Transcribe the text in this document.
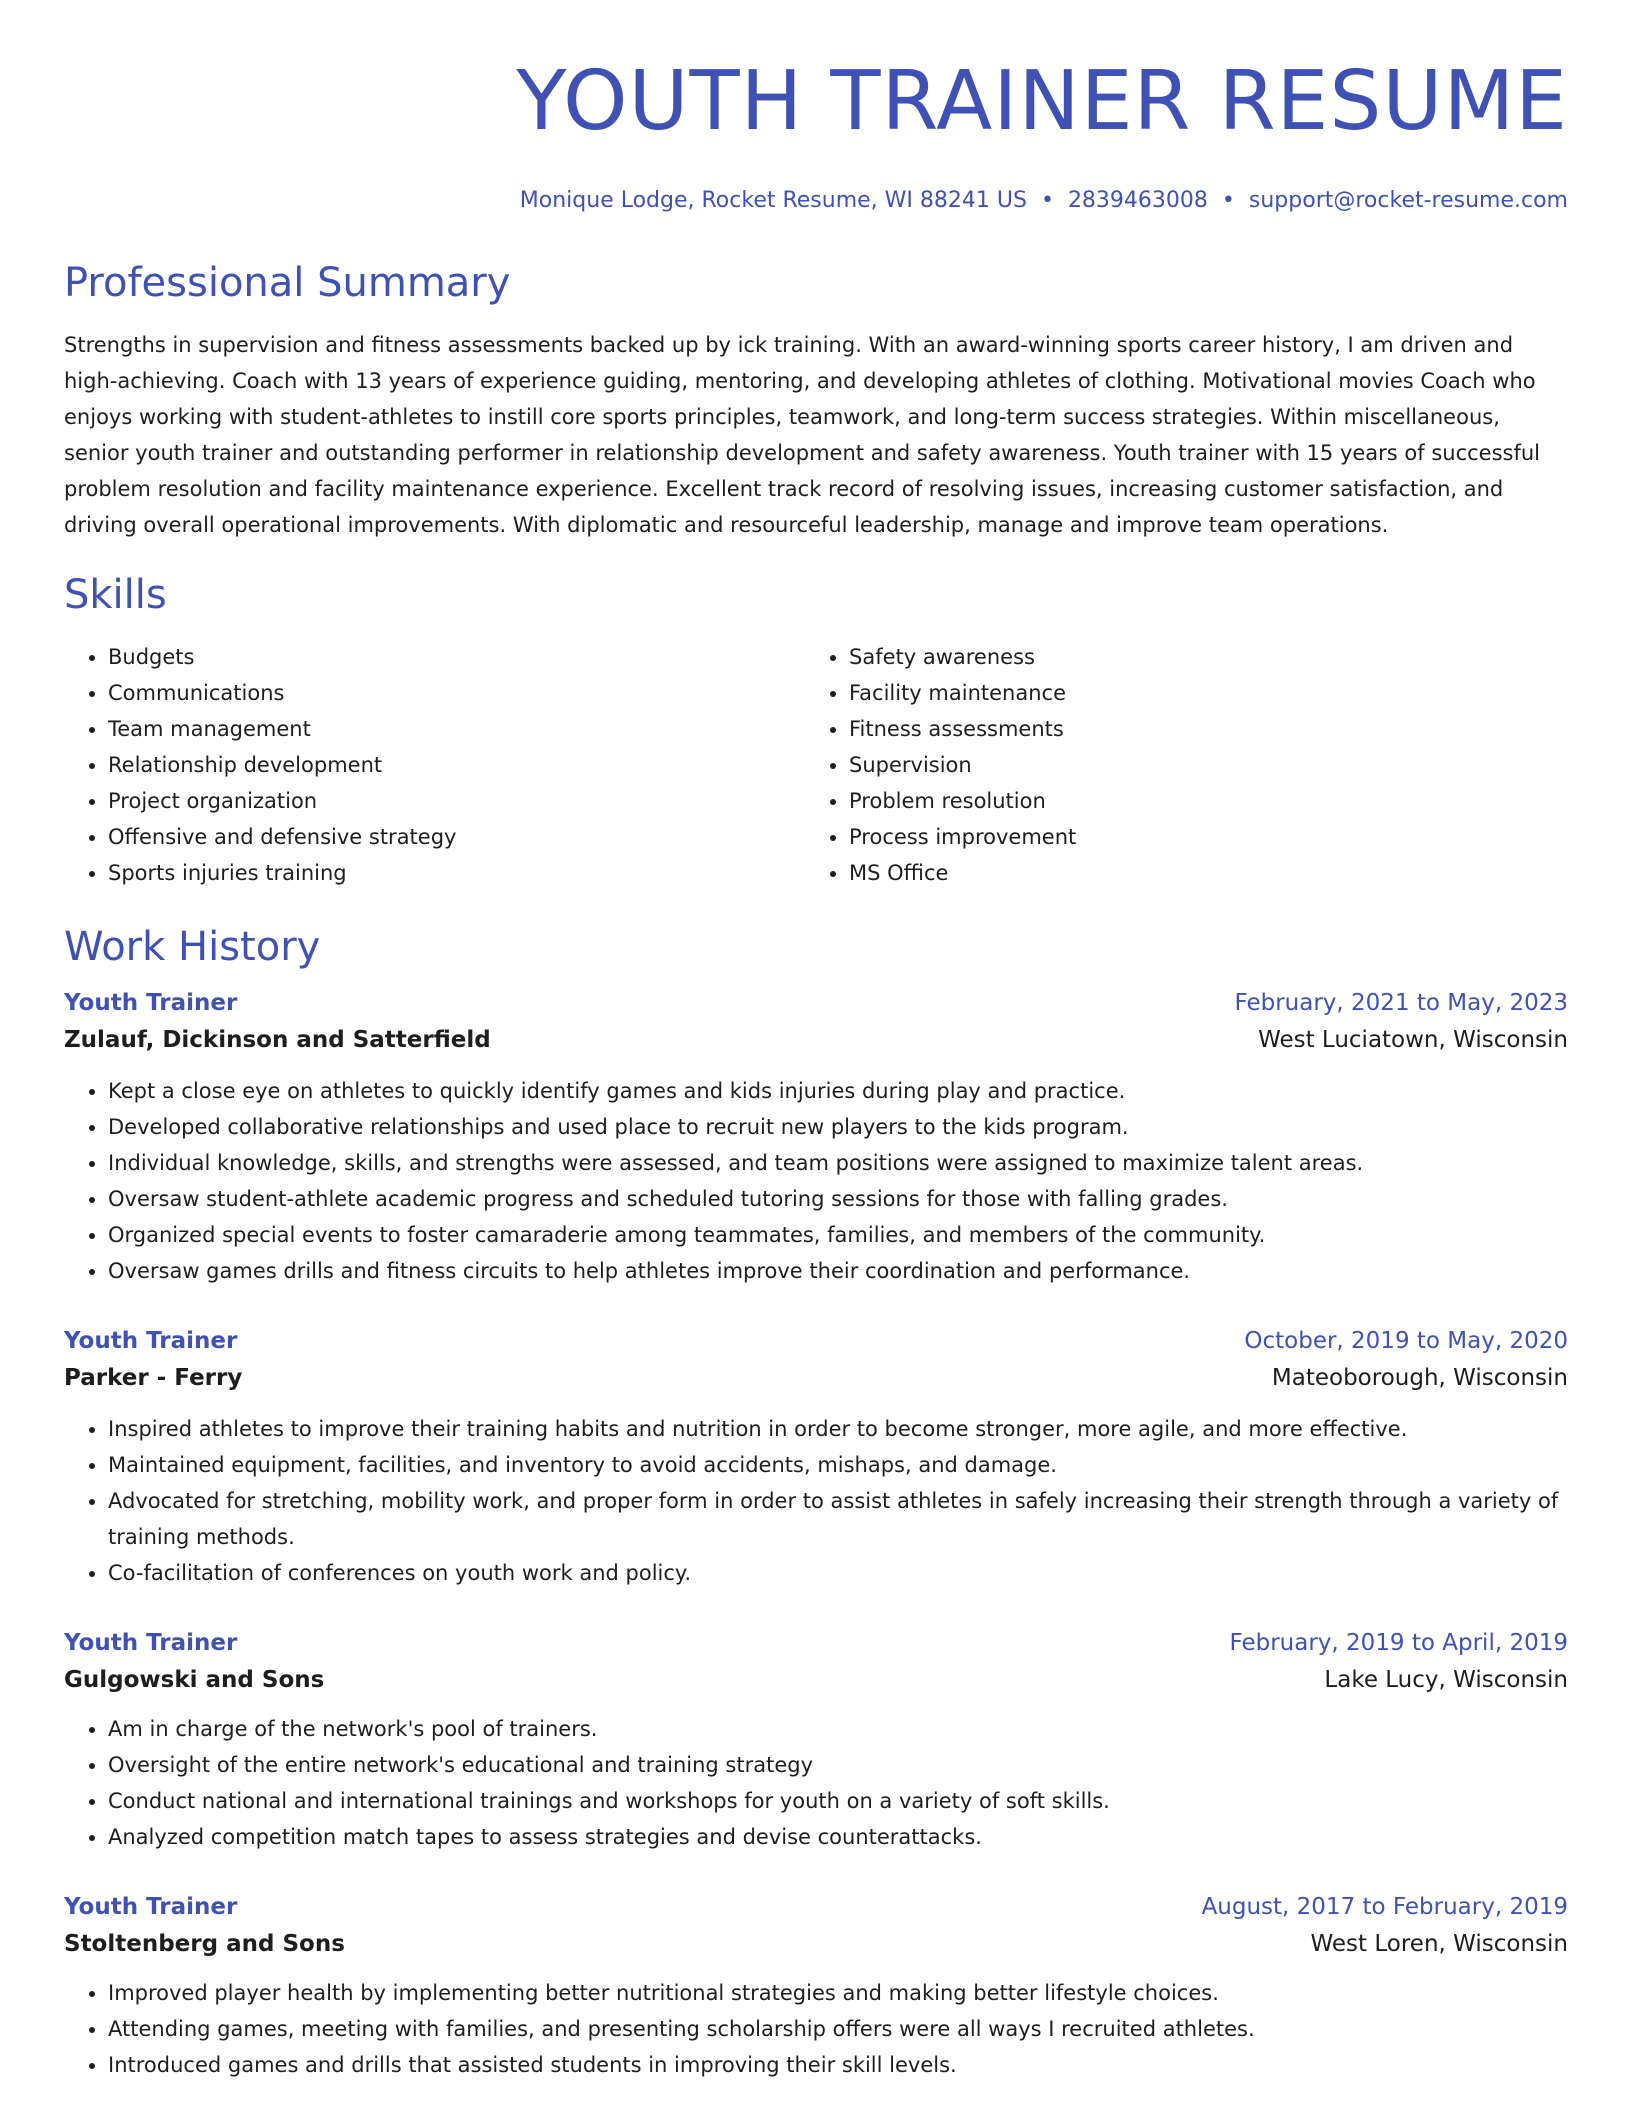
YOUTH TRAINER RESUME
Monique Lodge, Rocket Resume, WI 88241 US • 2839463008 • support@rocket-resume.com
Professional Summary

Strengths in supervision and fitness assessments backed up by ick training. With an award-winning sports career history, I am driven and high-achieving. Coach with 13 years of experience guiding, mentoring, and developing athletes of clothing. Motivational movies Coach who enjoys working with student-athletes to instill core sports principles, teamwork, and long-term success strategies. Within miscellaneous, senior youth trainer and outstanding performer in relationship development and safety awareness. Youth trainer with 15 years of successful problem resolution and facility maintenance experience. Excellent track record of resolving issues, increasing customer satisfaction, and driving overall operational improvements. With diplomatic and resourceful leadership, manage and improve team operations.

Skills
• Budgets
• Communications
• Team management
• Relationship development
• Project organization
• Offensive and defensive strategy
• Sports injuries training
• Safety awareness
• Facility maintenance
• Fitness assessments
• Supervision
• Problem resolution
• Process improvement
• MS Office
Work History
Youth Trainer	February, 2021 to May, 2023
Zulauf, Dickinson and Satterfield	West Luciatown, Wisconsin
• Kept a close eye on athletes to quickly identify games and kids injuries during play and practice.
• Developed collaborative relationships and used place to recruit new players to the kids program.
• Individual knowledge, skills, and strengths were assessed, and team positions were assigned to maximize talent areas.
• Oversaw student-athlete academic progress and scheduled tutoring sessions for those with falling grades.
• Organized special events to foster camaraderie among teammates, families, and members of the community.
• Oversaw games drills and fitness circuits to help athletes improve their coordination and performance.
Youth Trainer	October, 2019 to May, 2020
Parker - Ferry	Mateoborough, Wisconsin
• Inspired athletes to improve their training habits and nutrition in order to become stronger, more agile, and more effective.
• Maintained equipment, facilities, and inventory to avoid accidents, mishaps, and damage.
• Advocated for stretching, mobility work, and proper form in order to assist athletes in safely increasing their strength through a variety of training methods.
• Co-facilitation of conferences on youth work and policy.
Youth Trainer	February, 2019 to April, 2019
Gulgowski and Sons	Lake Lucy, Wisconsin
• Am in charge of the network's pool of trainers.
• Oversight of the entire network's educational and training strategy
• Conduct national and international trainings and workshops for youth on a variety of soft skills.
• Analyzed competition match tapes to assess strategies and devise counterattacks.
Youth Trainer	August, 2017 to February, 2019
Stoltenberg and Sons	West Loren, Wisconsin
• Improved player health by implementing better nutritional strategies and making better lifestyle choices.
• Attending games, meeting with families, and presenting scholarship offers were all ways I recruited athletes.
• Introduced games and drills that assisted students in improving their skill levels.
